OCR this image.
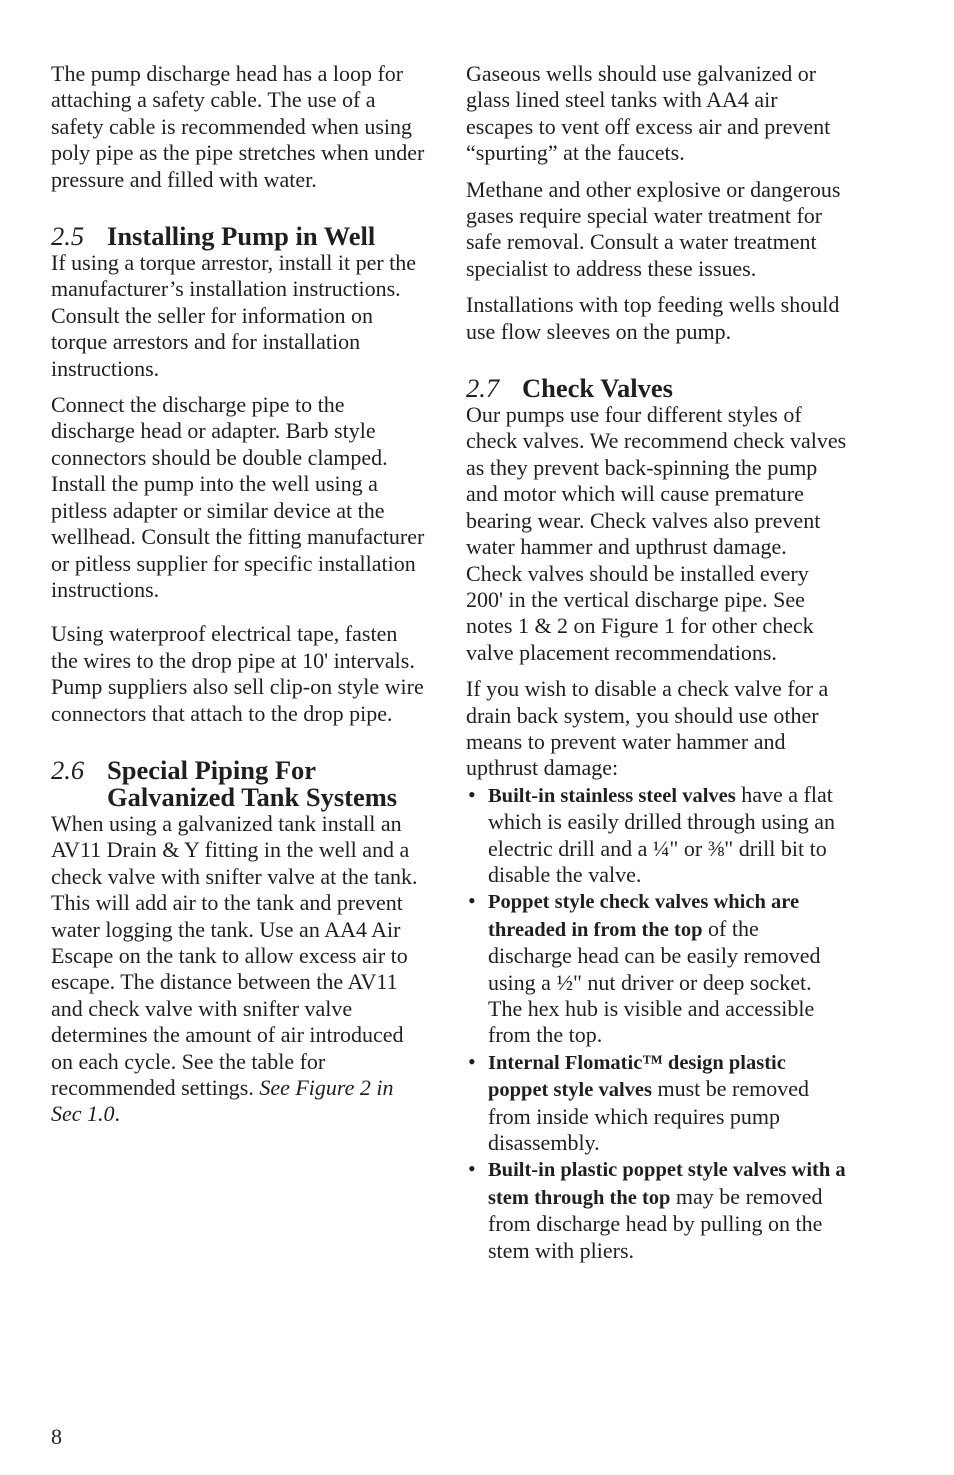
The pump discharge head has a loop for attaching a safety cable. The use of a safety cable is recommended when using poly pipe as the pipe stretches when under pressure and filled with water.

2.5 Installing Pump in Well

If using a torque arrestor, install it per the manufacturer’s installation instructions. Consult the seller for information on torque arrestors and for installation instructions.

Connect the discharge pipe to the discharge head or adapter. Barb style connectors should be double clamped. Install the pump into the well using a pitless adapter or similar device at the wellhead. Consult the fitting manufacturer or pitless supplier for specific installation instructions.

Using waterproof electrical tape, fasten the wires to the drop pipe at 10' intervals. Pump suppliers also sell clip-on style wire connectors that attach to the drop pipe.

2.6 Special Piping For Galvanized Tank Systems

When using a galvanized tank install an AV11 Drain & Y fitting in the well and a check valve with snifter valve at the tank. This will add air to the tank and prevent water logging the tank. Use an AA4 Air Escape on the tank to allow excess air to escape. The distance between the AV11 and check valve with snifter valve determines the amount of air introduced on each cycle. See the table for recommended settings. See Figure 2 in Sec 1.0.

Gaseous wells should use galvanized or glass lined steel tanks with AA4 air escapes to vent off excess air and prevent “spurting” at the faucets.

Methane and other explosive or dangerous gases require special water treatment for safe removal. Consult a water treatment specialist to address these issues.

Installations with top feeding wells should use flow sleeves on the pump.

2.7 Check Valves

Our pumps use four different styles of check valves. We recommend check valves as they prevent back-spinning the pump and motor which will cause premature bearing wear. Check valves also prevent water hammer and upthrust damage. Check valves should be installed every 200' in the vertical discharge pipe. See notes 1 & 2 on Figure 1 for other check valve placement recommendations.

If you wish to disable a check valve for a drain back system, you should use other means to prevent water hammer and upthrust damage:

• Built-in stainless steel valves have a flat which is easily drilled through using an electric drill and a ¼" or ⅜" drill bit to disable the valve.
• Poppet style check valves which are threaded in from the top of the discharge head can be easily removed using a ½" nut driver or deep socket. The hex hub is visible and accessible from the top.
• Internal Flomatic™ design plastic poppet style valves must be removed from inside which requires pump disassembly.
• Built-in plastic poppet style valves with a stem through the top may be removed from discharge head by pulling on the stem with pliers.
8
